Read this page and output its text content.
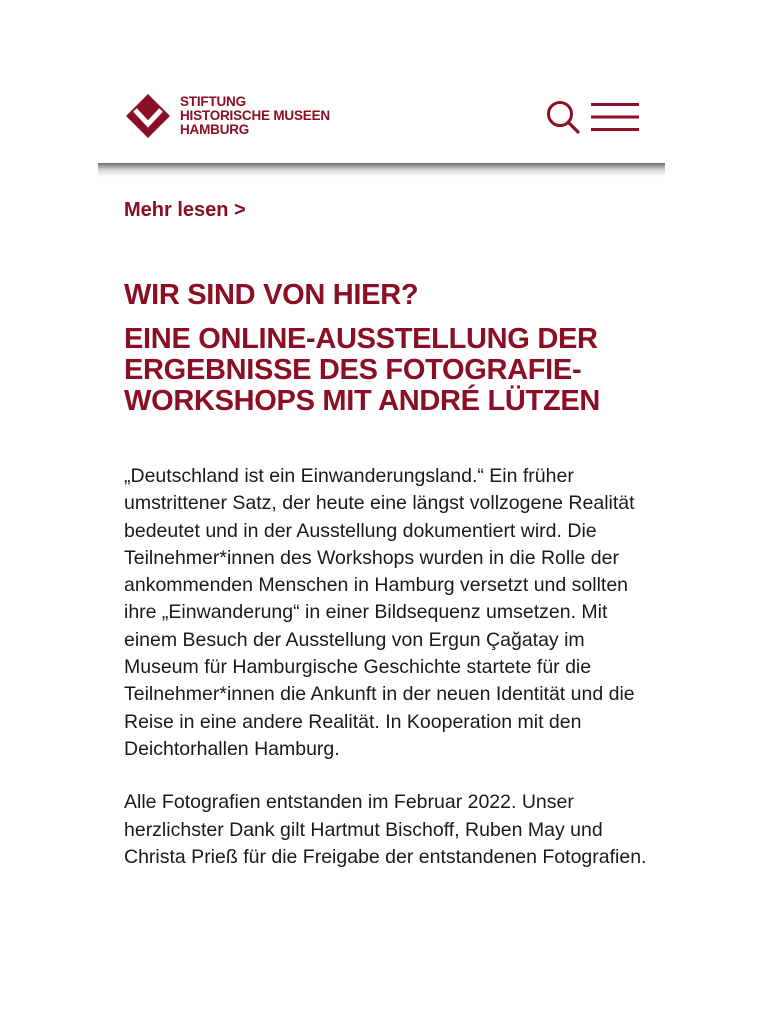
STIFTUNG
HISTORISCHE MUSEEN
HAMBURG
Mehr lesen >
WIR SIND VON HIER?
EINE ONLINE-AUSSTELLUNG DER ERGEBNISSE DES FOTOGRAFIE-WORKSHOPS MIT ANDRÉ LÜTZEN

„Deutschland ist ein Einwanderungsland.“ Ein früher umstrittener Satz, der heute eine längst vollzogene Realität bedeutet und in der Ausstellung dokumentiert wird. Die Teilnehmer*innen des Workshops wurden in die Rolle der ankommenden Menschen in Hamburg versetzt und sollten ihre „Einwanderung“ in einer Bildsequenz umsetzen. Mit einem Besuch der Ausstellung von Ergun Çağatay im Museum für Hamburgische Geschichte startete für die Teilnehmer*innen die Ankunft in der neuen Identität und die Reise in eine andere Realität. In Kooperation mit den Deichtorhallen Hamburg.

Alle Fotografien entstanden im Februar 2022. Unser herzlichster Dank gilt Hartmut Bischoff, Ruben May und Christa Prieß für die Freigabe der entstandenen Fotografien.
